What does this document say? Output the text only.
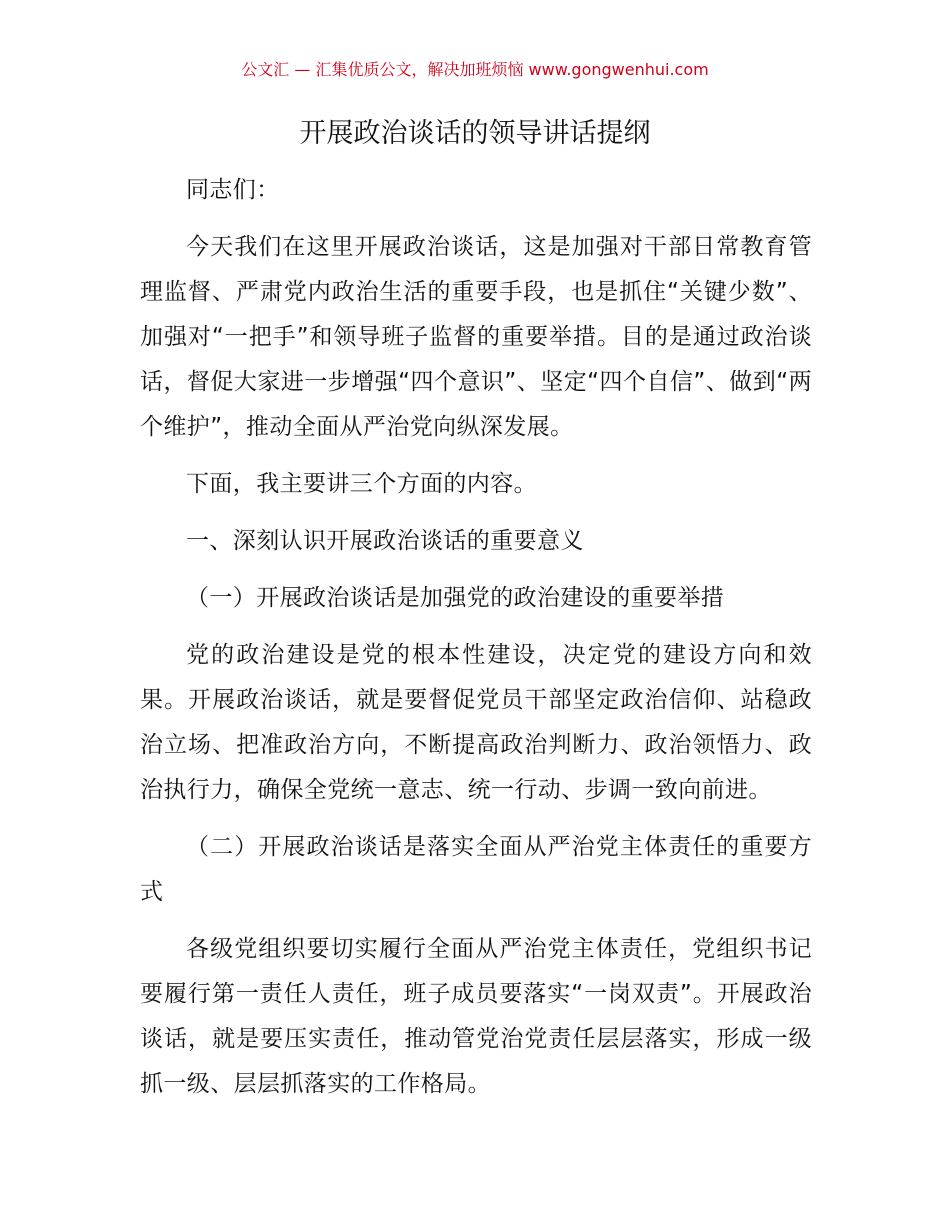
公文汇 — 汇集优质公文，解决加班烦恼 www.gongwenhui.com
开展政治谈话的领导讲话提纲

同志们：

今天我们在这里开展政治谈话，这是加强对干部日常教育管理监督、严肃党内政治生活的重要手段，也是抓住“关键少数”、加强对“一把手”和领导班子监督的重要举措。目的是通过政治谈话，督促大家进一步增强“四个意识”、坚定“四个自信”、做到“两个维护”，推动全面从严治党向纵深发展。

下面，我主要讲三个方面的内容。

一、深刻认识开展政治谈话的重要意义

（一）开展政治谈话是加强党的政治建设的重要举措

党的政治建设是党的根本性建设，决定党的建设方向和效果。开展政治谈话，就是要督促党员干部坚定政治信仰、站稳政治立场、把准政治方向，不断提高政治判断力、政治领悟力、政治执行力，确保全党统一意志、统一行动、步调一致向前进。

（二）开展政治谈话是落实全面从严治党主体责任的重要方式

各级党组织要切实履行全面从严治党主体责任，党组织书记要履行第一责任人责任，班子成员要落实“一岗双责”。开展政治谈话，就是要压实责任，推动管党治党责任层层落实，形成一级抓一级、层层抓落实的工作格局。
